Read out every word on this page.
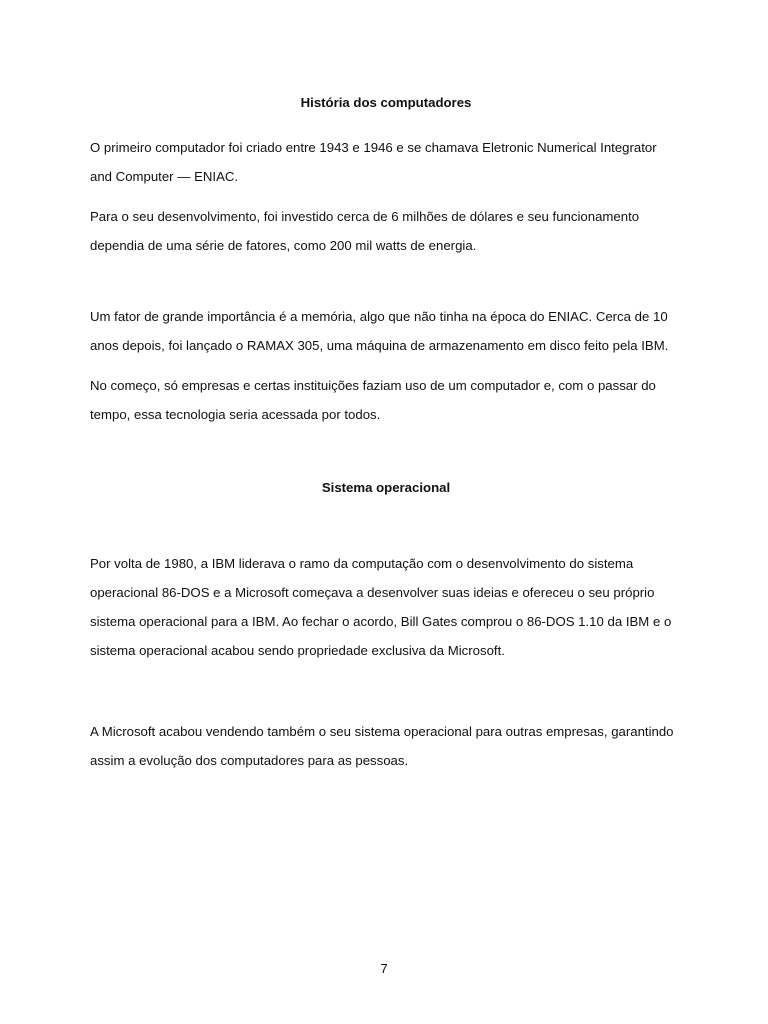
História dos computadores

O primeiro computador foi criado entre 1943 e 1946 e se chamava Eletronic Numerical Integrator and Computer — ENIAC.

Para o seu desenvolvimento, foi investido cerca de 6 milhões de dólares e seu funcionamento dependia de uma série de fatores, como 200 mil watts de energia.

Um fator de grande importância é a memória, algo que não tinha na época do ENIAC. Cerca de 10 anos depois, foi lançado o RAMAX 305, uma máquina de armazenamento em disco feito pela IBM.

No começo, só empresas e certas instituições faziam uso de um computador e, com o passar do tempo, essa tecnologia seria acessada por todos.

Sistema operacional

Por volta de 1980, a IBM liderava o ramo da computação com o desenvolvimento do sistema operacional 86-DOS e a Microsoft começava a desenvolver suas ideias e ofereceu o seu próprio sistema operacional para a IBM. Ao fechar o acordo, Bill Gates comprou o 86-DOS 1.10 da IBM e o sistema operacional acabou sendo propriedade exclusiva da Microsoft.

A Microsoft acabou vendendo também o seu sistema operacional para outras empresas, garantindo assim a evolução dos computadores para as pessoas.

7
